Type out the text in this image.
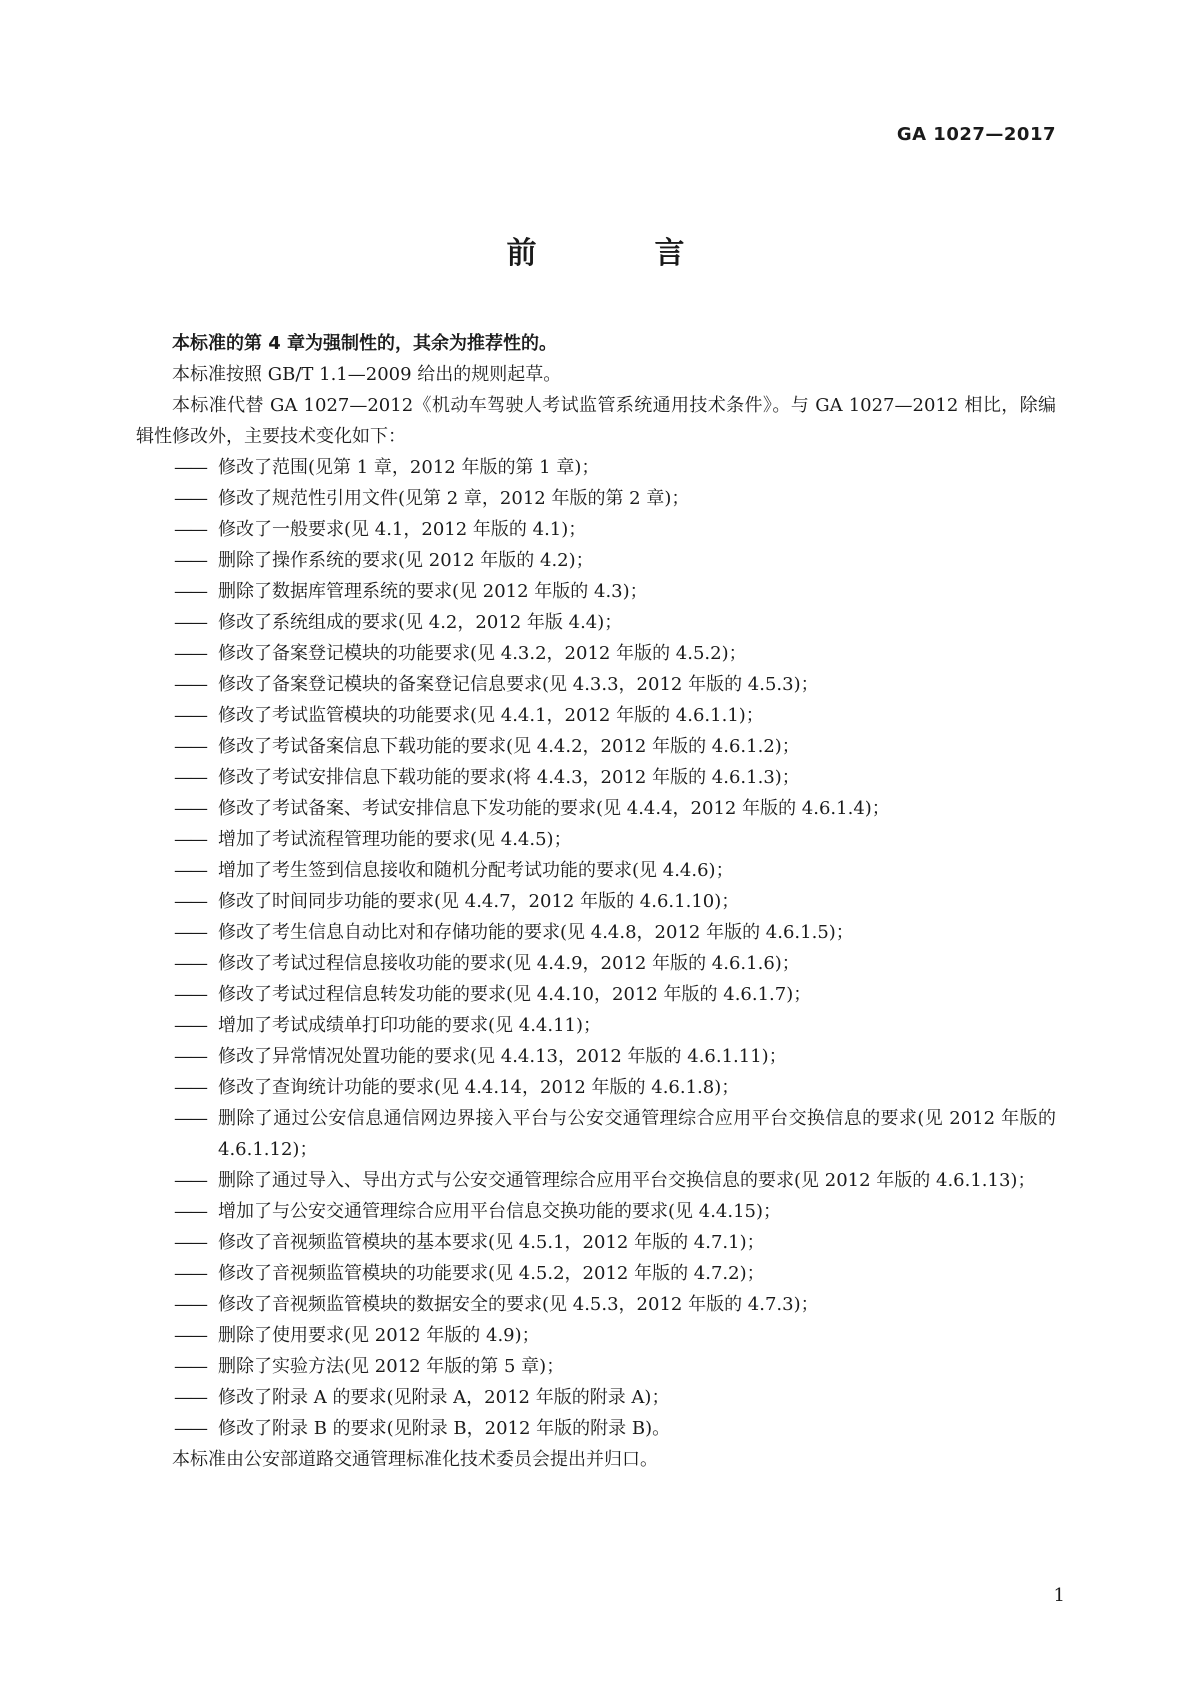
GA 1027—2017
前　言

本标准的第 4 章为强制性的，其余为推荐性的。

本标准按照 GB/T 1.1—2009 给出的规则起草。

本标准代替 GA 1027—2012《机动车驾驶人考试监管系统通用技术条件》。与 GA 1027—2012 相比，除编辑性修改外，主要技术变化如下：

—— 修改了范围(见第 1 章，2012 年版的第 1 章)；

—— 修改了规范性引用文件(见第 2 章，2012 年版的第 2 章)；

—— 修改了一般要求(见 4.1，2012 年版的 4.1)；

—— 删除了操作系统的要求(见 2012 年版的 4.2)；

—— 删除了数据库管理系统的要求(见 2012 年版的 4.3)；

—— 修改了系统组成的要求(见 4.2，2012 年版 4.4)；

—— 修改了备案登记模块的功能要求(见 4.3.2，2012 年版的 4.5.2)；

—— 修改了备案登记模块的备案登记信息要求(见 4.3.3，2012 年版的 4.5.3)；

—— 修改了考试监管模块的功能要求(见 4.4.1，2012 年版的 4.6.1.1)；

—— 修改了考试备案信息下载功能的要求(见 4.4.2，2012 年版的 4.6.1.2)；

—— 修改了考试安排信息下载功能的要求(将 4.4.3，2012 年版的 4.6.1.3)；

—— 修改了考试备案、考试安排信息下发功能的要求(见 4.4.4，2012 年版的 4.6.1.4)；

—— 增加了考试流程管理功能的要求(见 4.4.5)；

—— 增加了考生签到信息接收和随机分配考试功能的要求(见 4.4.6)；

—— 修改了时间同步功能的要求(见 4.4.7，2012 年版的 4.6.1.10)；

—— 修改了考生信息自动比对和存储功能的要求(见 4.4.8，2012 年版的 4.6.1.5)；

—— 修改了考试过程信息接收功能的要求(见 4.4.9，2012 年版的 4.6.1.6)；

—— 修改了考试过程信息转发功能的要求(见 4.4.10，2012 年版的 4.6.1.7)；

—— 增加了考试成绩单打印功能的要求(见 4.4.11)；

—— 修改了异常情况处置功能的要求(见 4.4.13，2012 年版的 4.6.1.11)；

—— 修改了查询统计功能的要求(见 4.4.14，2012 年版的 4.6.1.8)；

—— 删除了通过公安信息通信网边界接入平台与公安交通管理综合应用平台交换信息的要求(见 2012 年版的 4.6.1.12)；

—— 删除了通过导入、导出方式与公安交通管理综合应用平台交换信息的要求(见 2012 年版的 4.6.1.13)；

—— 增加了与公安交通管理综合应用平台信息交换功能的要求(见 4.4.15)；

—— 修改了音视频监管模块的基本要求(见 4.5.1，2012 年版的 4.7.1)；

—— 修改了音视频监管模块的功能要求(见 4.5.2，2012 年版的 4.7.2)；

—— 修改了音视频监管模块的数据安全的要求(见 4.5.3，2012 年版的 4.7.3)；

—— 删除了使用要求(见 2012 年版的 4.9)；

—— 删除了实验方法(见 2012 年版的第 5 章)；

—— 修改了附录 A 的要求(见附录 A，2012 年版的附录 A)；

—— 修改了附录 B 的要求(见附录 B，2012 年版的附录 B)。

本标准由公安部道路交通管理标准化技术委员会提出并归口。

1
